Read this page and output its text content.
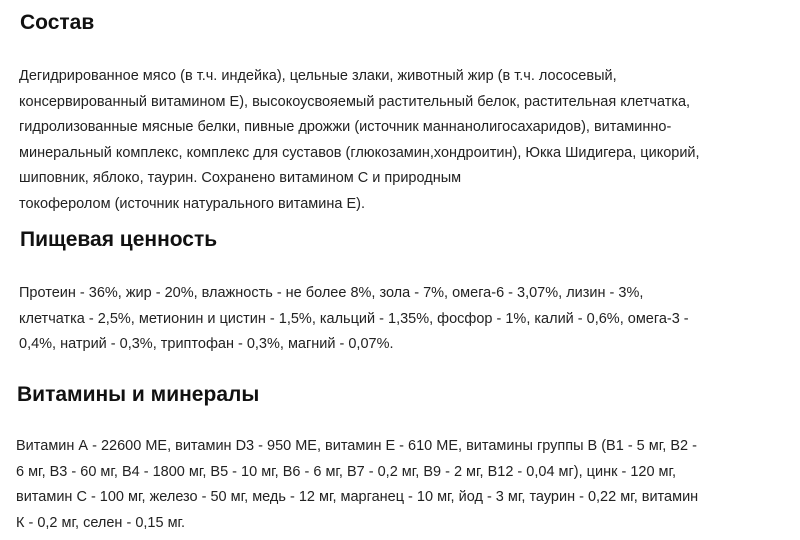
Состав
Дегидрированное мясо (в т.ч. индейка), цельные злаки, животный жир (в т.ч. лососевый,
консервированный витамином Е), высокоусвояемый растительный белок, растительная клетчатка,
гидролизованные мясные белки, пивные дрожжи (источник маннанолигосахаридов), витаминно-
минеральный комплекс, комплекс для суставов (глюкозамин,хондроитин), Юкка Шидигера, цикорий,
шиповник, яблоко, таурин. Сохранено витамином С и природным
токоферолом (источник натурального витамина Е).
Пищевая ценность
Протеин - 36%, жир - 20%, влажность - не более 8%, зола - 7%, омега-6 - 3,07%, лизин - 3%,
клетчатка - 2,5%, метионин и цистин - 1,5%, кальций - 1,35%, фосфор - 1%, калий - 0,6%, омега-3 -
0,4%, натрий - 0,3%, триптофан - 0,3%, магний - 0,07%.
Витамины и минералы
Витамин А - 22600 МЕ, витамин D3 - 950 МЕ, витамин Е - 610 МЕ, витамины группы В (В1 - 5 мг, В2 -
6 мг, В3 - 60 мг, В4 - 1800 мг, В5 - 10 мг, В6 - 6 мг, В7 - 0,2 мг, В9 - 2 мг, В12 - 0,04 мг), цинк - 120 мг,
витамин С - 100 мг, железо - 50 мг, медь - 12 мг, марганец - 10 мг, йод - 3 мг, таурин - 0,22 мг, витамин
К - 0,2 мг, селен - 0,15 мг.
